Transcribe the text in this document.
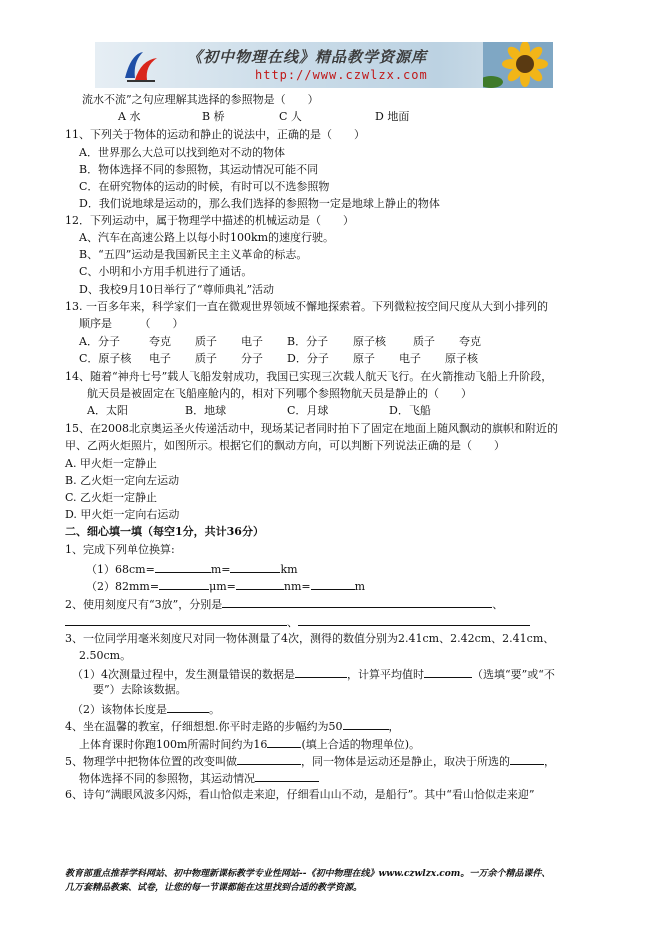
《初中物理在线》精品教学资源库
http://www.czwlzx.com
流水不流”之句应理解其选择的参照物是（　　）
A 水	B 桥	C 人	D 地面
11、下列关于物体的运动和静止的说法中，正确的是（　　）
A．世界那么大总可以找到绝对不动的物体
B．物体选择不同的参照物，其运动情况可能不同
C．在研究物体的运动的时候，有时可以不选参照物
D．我们说地球是运动的，那么我们选择的参照物一定是地球上静止的物体
12．下列运动中，属于物理学中描述的机械运动是（　　）
A、汽车在高速公路上以每小时100km的速度行驶。
B、“五四”运动是我国新民主主义革命的标志。
C、小明和小方用手机进行了通话。
D、我校9月10日举行了“尊师典礼”活动
13. 一百多年来，科学家们一直在微观世界领域不懈地探索着。下列微粒按空间尺度从大到小排列的
顺序是　　　（　　）
A．分子	夸克 质子 电子 B．分子 原子核 质子 夸克
C．原子核 电子 质子 分子 D．分子 原子 电子 原子核
14、随着“神舟七号”载人飞船发射成功，我国已实现三次载人航天飞行。在火箭推动飞船上升阶段，
航天员是被固定在飞船座舱内的，相对下列哪个参照物航天员是静止的（　　）
A．太阳	B．地球	C．月球	D．飞船
15、在2008北京奥运圣火传递活动中，现场某记者同时拍下了固定在地面上随风飘动的旗帜和附近的
甲、乙两火炬照片，如图所示。根据它们的飘动方向，可以判断下列说法正确的是（　　）
A. 甲火炬一定静止
B. 乙火炬一定向左运动
C. 乙火炬一定静止
D. 甲火炬一定向右运动
二、细心填一填（每空1分，共计36分）
1、完成下列单位换算:
（1）68cm=	m=	km
（2）82mm=	μm=	nm=	m
2、使用刻度尺有“3放”，分别是	、
、
3、一位同学用毫米刻度尺对同一物体测量了4次，测得的数值分别为2.41cm、2.42cm、2.41cm、
2.50cm。
（1）4次测量过程中，发生测量错误的数据是	，计算平均值时	（选填“要”或“不
要”）去除该数据。
（2）该物体长度是	。
4、坐在温馨的教室，仔细想想.你平时走路的步幅约为50	，
上体育课时你跑100m所需时间约为16	(填上合适的物理单位)。
5、物理学中把物体位置的改变叫做	，同一物体是运动还是静止，取决于所选的	，
物体选择不同的参照物，其运动情况
6、诗句“满眼风波多闪烁，看山恰似走来迎，仔细看山山不动，是船行”。其中“看山恰似走来迎”
教育部重点推荐学科网站、初中物理新课标教学专业性网站--《初中物理在线》www.czwlzx.com。一万余个精品课件、
几万套精品教案、试卷，让您的每一节课都能在这里找到合适的教学资源。
